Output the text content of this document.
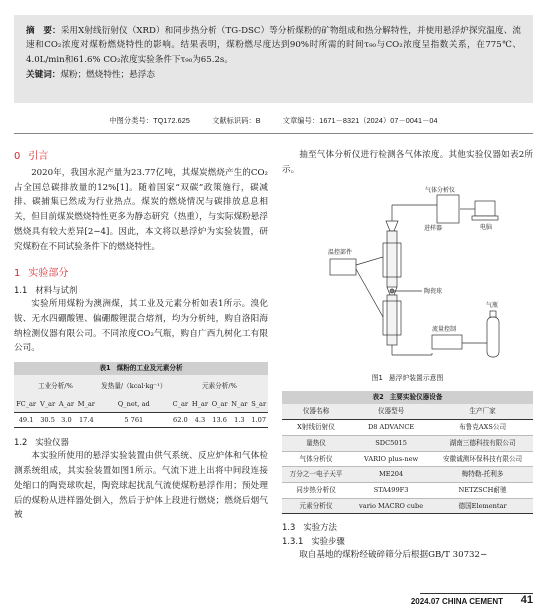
摘　要：采用X射线衍射仪（XRD）和同步热分析（TG-DSC）等分析煤粉的矿物组成和热分解特性，并使用悬浮炉探究温度、流速和CO₂浓度对煤粉燃烧特性的影响。结果表明，煤粉燃尽度达到90%时所需的时间τ₉₀与CO₂浓度呈指数关系，在775℃、4.0L/min和61.6% CO₂浓度实验条件下τ₉₀为65.2s。

关键词：煤粉；燃烧特性；悬浮态

中图分类号：TQ172.625	文献标识码：B	文章编号：1671－8321（2024）07－0041－04
0 引言

2020年，我国水泥产量为23.77亿吨，其煤炭燃烧产生的CO₂占全国总碳排放量的12%[1]。随着国家“双碳”政策施行，碳减排、碳捕集已然成为行业热点。煤炭的燃烧情况与碳排放息息相关，但目前煤炭燃烧特性更多为静态研究（热重），与实际煤粉悬浮燃烧具有较大差异[2−4]。因此，本文将以悬浮炉为实验装置，研究煤粉在不同试验条件下的燃烧特性。

1 实验部分
1.1 材料与试剂

实验所用煤粉为澳洲煤，其工业及元素分析如表1所示。溴化钹、无水四硼酸锂、偏硼酸锂混合熔剂，均为分析纯，购自洛阳海纳检测仪器有限公司。不同浓度CO₂气瓶，购自广西九树化工有限公司。

表1 煤粉的工业及元素分析
工业分析/%				发热量/（kcal·kg⁻¹）	元素分析/%				
FC_ar	V_ar	A_ar	M_ar	Q_net, ad	C_ar	H_ar	O_ar	N_ar	S_ar
49.1	30.5	3.0	17.4	5 761	62.0	4.3	13.6	1.3	1.07
1.2 实验仪器

本实验所使用的悬浮实验装置由供气系统、反应炉体和气体检测系统组成，其实验装置如图1所示。气流下进上出将中间段连接处缩口的陶瓷球吹起，陶瓷球起扰乱气流使煤粉悬浮作用；预处理后的煤粉从进样器处倒入，然后于炉体上段进行燃烧；燃烧后烟气被

抽至气体分析仪进行检测各气体浓度。其他实验仪器如表2所示。

气体分析仪
进样器	电脑
温控部件
陶瓷球
气瓶
流量控制
图1 悬浮炉装置示意图
表2 主要实验仪器设备
仪器名称	仪器型号	生产厂家
X射线衍射仪	D8 ADVANCE	布鲁克AXS公司
量热仪	SDC5015	湖南三德科技有限公司
气体分析仪	VARIO plus-new	安徽诚测环保科技有限公司
万分之一电子天平	ME204	梅特勒-托利多
同步热分析仪	STA499F3	NETZSCH耐驰
元素分析仪	vario MACRO cube	德国Elementar
1.3 实验方法
1.3.1 实验步骤

取自基地的煤粉经破碎筛分后根据GB/T 30732−

2024.07 CHINA CEMENT 41
